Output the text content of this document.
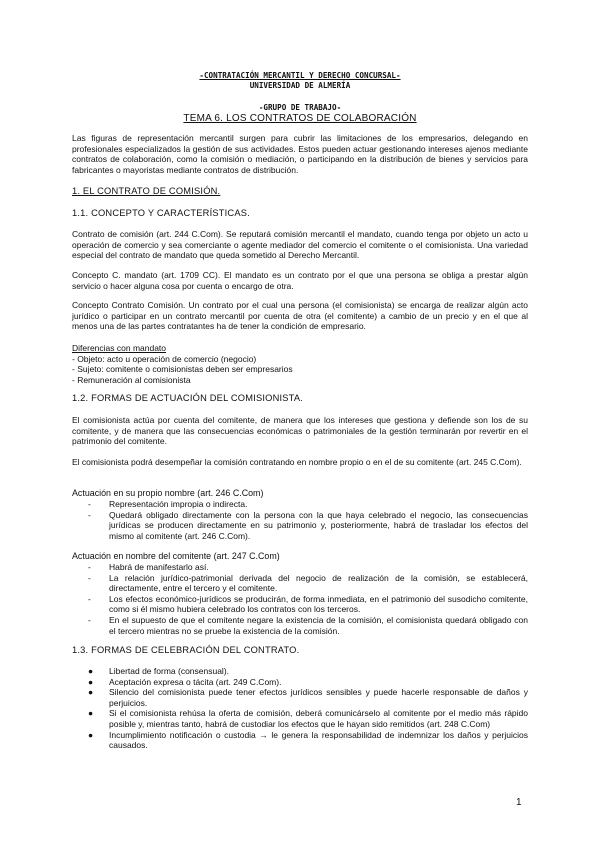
-CONTRATACIÓN MERCANTIL Y DERECHO CONCURSAL-
UNIVERSIDAD DE ALMERÍA
-GRUPO DE TRABAJO-
TEMA 6. LOS CONTRATOS DE COLABORACIÓN
Las figuras de representación mercantil surgen para cubrir las limitaciones de los empresarios, delegando en profesionales especializados la gestión de sus actividades. Estos pueden actuar gestionando intereses ajenos mediante contratos de colaboración, como la comisión o mediación, o participando en la distribución de bienes y servicios para fabricantes o mayoristas mediante contratos de distribución.
1. EL CONTRATO DE COMISIÓN.
1.1. CONCEPTO Y CARACTERÍSTICAS.
Contrato de comisión (art. 244 C.Com). Se reputará comisión mercantil el mandato, cuando tenga por objeto un acto u operación de comercio y sea comerciante o agente mediador del comercio el comitente o el comisionista. Una variedad especial del contrato de mandato que queda sometido al Derecho Mercantil.
Concepto C. mandato (art. 1709 CC). El mandato es un contrato por el que una persona se obliga a prestar algún servicio o hacer alguna cosa por cuenta o encargo de otra.
Concepto Contrato Comisión. Un contrato por el cual una persona (el comisionista) se encarga de realizar algún acto jurídico o participar en un contrato mercantil por cuenta de otra (el comitente) a cambio de un precio y en el que al menos una de las partes contratantes ha de tener la condición de empresario.
Diferencias con mandato
- Objeto: acto u operación de comercio (negocio)
- Sujeto: comitente o comisionistas deben ser empresarios
- Remuneración al comisionista
1.2. FORMAS DE ACTUACIÓN DEL COMISIONISTA.
El comisionista actúa por cuenta del comitente, de manera que los intereses que gestiona y defiende son los de su comitente, y de manera que las consecuencias económicas o patrimoniales de la gestión terminarán por revertir en el patrimonio del comitente.
El comisionista podrá desempeñar la comisión contratando en nombre propio o en el de su comitente (art. 245 C.Com).
Actuación en su propio nombre (art. 246 C.Com)
- Representación impropia o indirecta.
- Quedará obligado directamente con la persona con la que haya celebrado el negocio, las consecuencias jurídicas se producen directamente en su patrimonio y, posteriormente, habrá de trasladar los efectos del mismo al comitente (art. 246 C.Com).
Actuación en nombre del comitente (art. 247 C.Com)
- Habrá de manifestarlo así.
- La relación jurídico-patrimonial derivada del negocio de realización de la comisión, se establecerá, directamente, entre el tercero y el comitente.
- Los efectos económico-jurídicos se producirán, de forma inmediata, en el patrimonio del susodicho comitente, como si él mismo hubiera celebrado los contratos con los terceros.
- En el supuesto de que el comitente negare la existencia de la comisión, el comisionista quedará obligado con el tercero mientras no se pruebe la existencia de la comisión.
1.3. FORMAS DE CELEBRACIÓN DEL CONTRATO.
● Libertad de forma (consensual).
● Aceptación expresa o tácita (art. 249 C.Com).
● Silencio del comisionista puede tener efectos jurídicos sensibles y puede hacerle responsable de daños y perjuicios.
● Si el comisionista rehúsa la oferta de comisión, deberá comunicárselo al comitente por el medio más rápido posible y, mientras tanto, habrá de custodiar los efectos que le hayan sido remitidos (art. 248 C.Com)
● Incumplimiento notificación o custodia → le genera la responsabilidad de indemnizar los daños y perjuicios causados.
1
